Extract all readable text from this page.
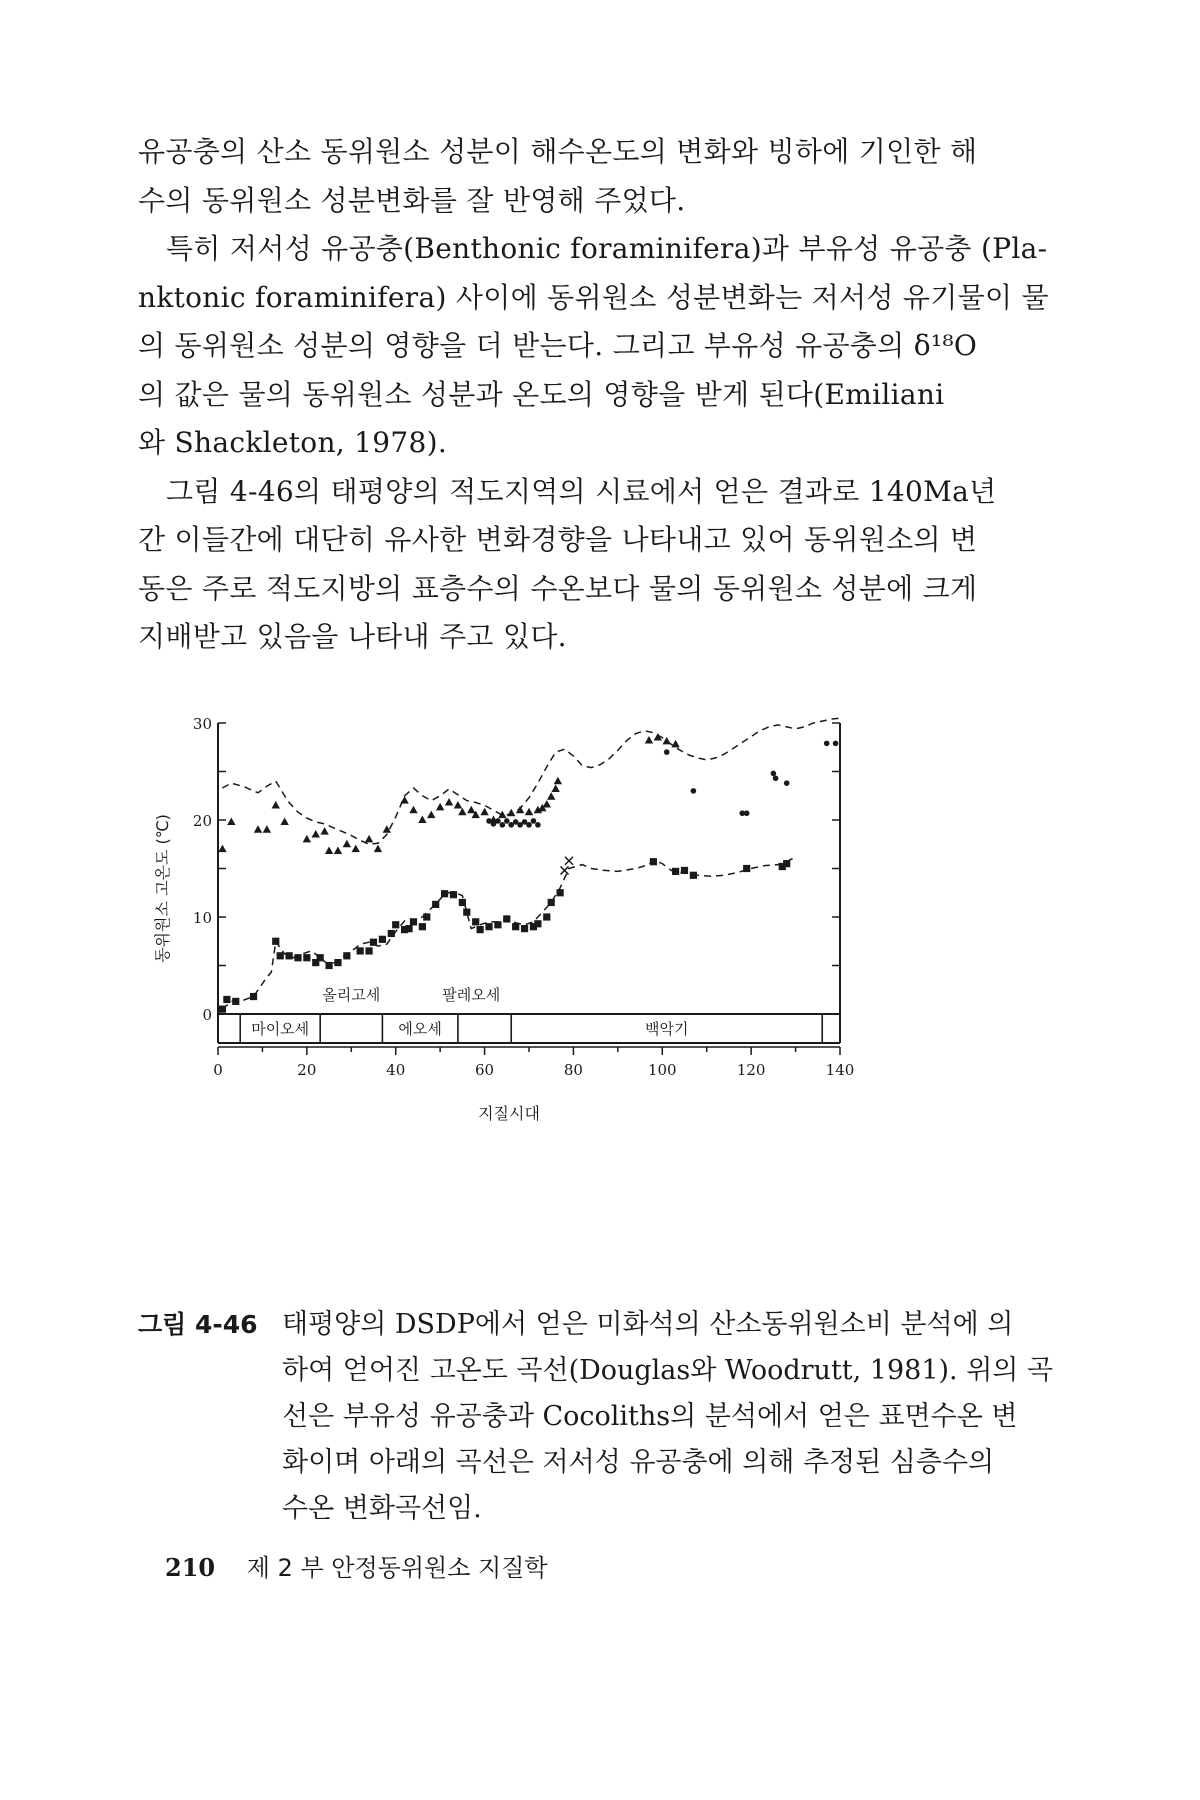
유공충의 산소 동위원소 성분이 해수온도의 변화와 빙하에 기인한 해
수의 동위원소 성분변화를 잘 반영해 주었다.

특히 저서성 유공충(Benthonic foraminifera)과 부유성 유공충 (Pla-
nktonic foraminifera) 사이에 동위원소 성분변화는 저서성 유기물이 물
의 동위원소 성분의 영향을 더 받는다. 그리고 부유성 유공충의 δ¹⁸O
의 값은 물의 동위원소 성분과 온도의 영향을 받게 된다(Emiliani
와 Shackleton, 1978).

그림 4-46의 태평양의 적도지역의 시료에서 얻은 결과로 140Ma년
간 이들간에 대단히 유사한 변화경향을 나타내고 있어 동위원소의 변
동은 주로 적도지방의 표층수의 수온보다 물의 동위원소 성분에 크게
지배받고 있음을 나타내 주고 있다.

0
10
20
30
동위원소 고온도 (℃)
0	20	40	60	80	100	120	140
마이오세	에오세	백악기
올리고세	팔레오세
지질시대
그림 4-46 태평양의 DSDP에서 얻은 미화석의 산소동위원소비 분석에 의
하여 얻어진 고온도 곡선(Douglas와 Woodrutt, 1981). 위의 곡
선은 부유성 유공충과 Cocoliths의 분석에서 얻은 표면수온 변
화이며 아래의 곡선은 저서성 유공충에 의해 추정된 심층수의
수온 변화곡선임.
210 제 2 부 안정동위원소 지질학
